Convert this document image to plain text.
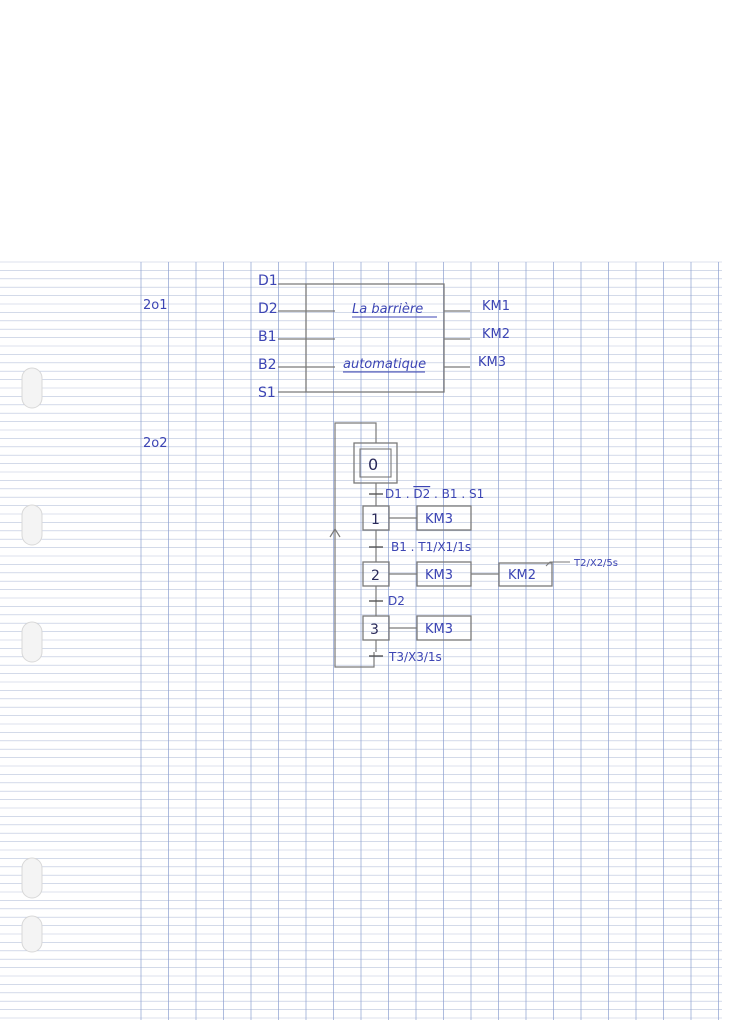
2o1
2o2
D1
D2
B1
B2
S1
La barrière
automatique
KM1
KM2
KM3
0
D1 . D2 . B1 . S1
1	KM3
B1 . T1/X1/1s
2	KM3	KM2
T2/X2/5s
D2
3	KM3
T3/X3/1s
